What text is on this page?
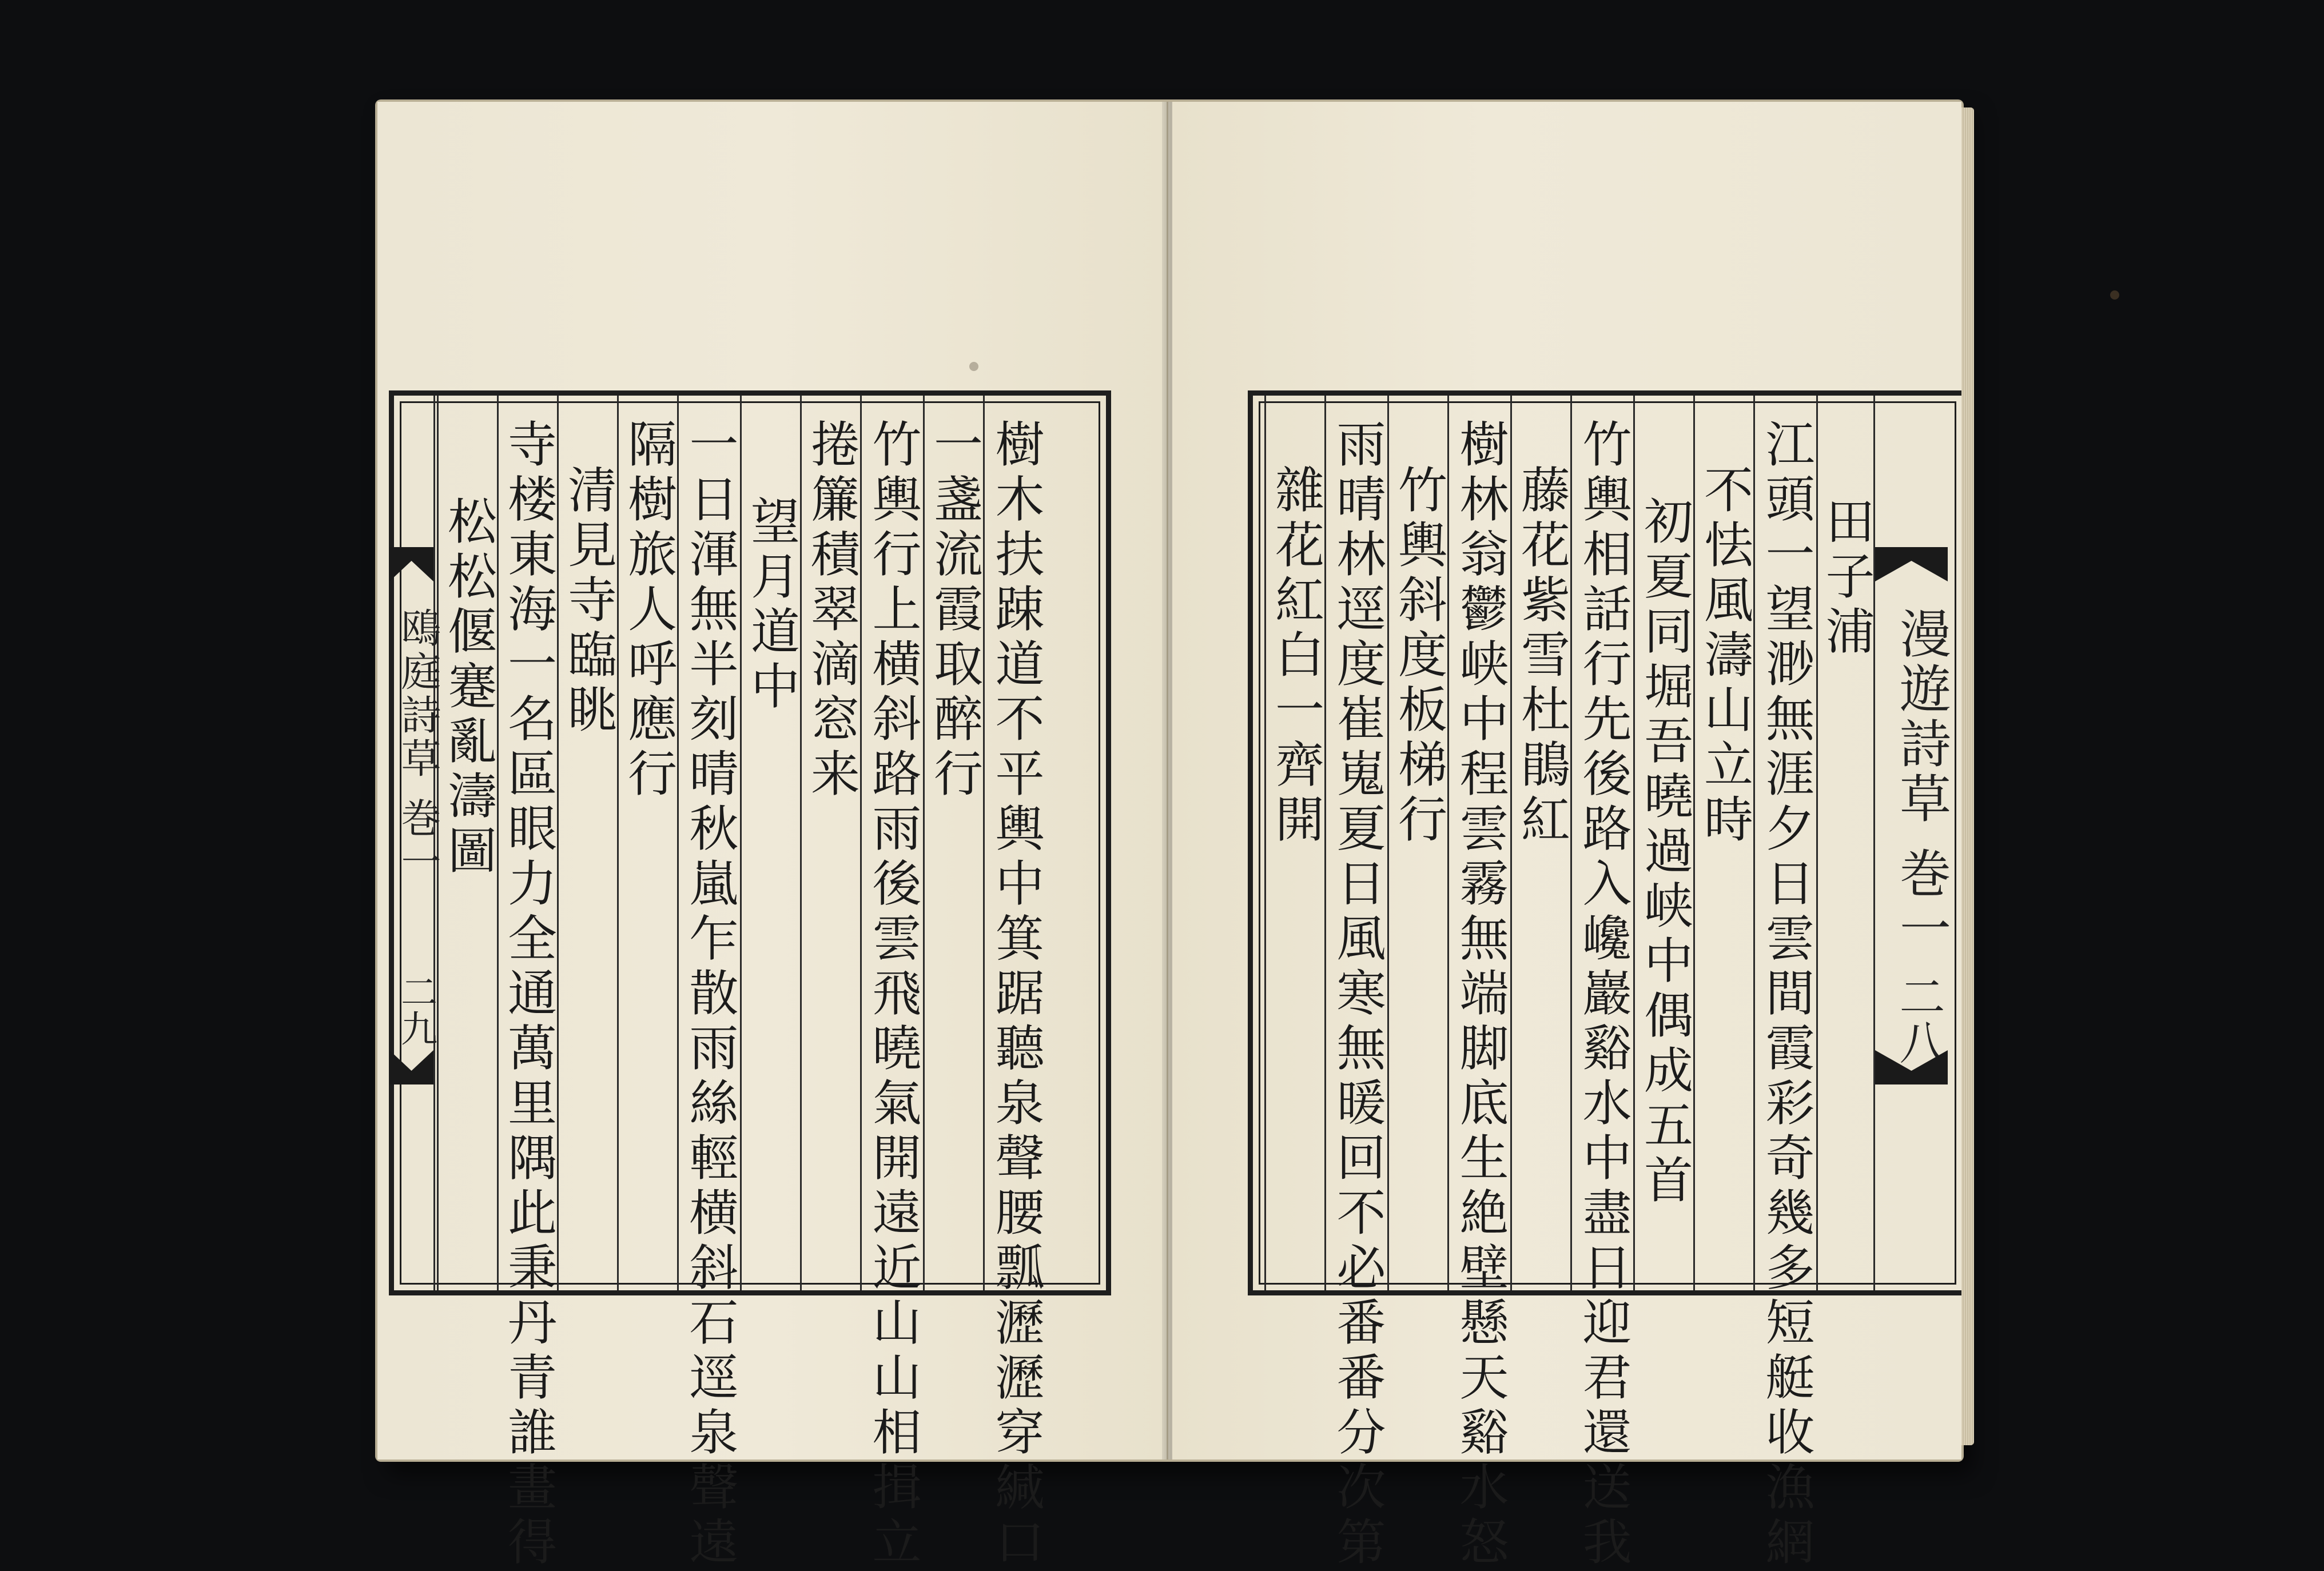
松松偃蹇亂濤圖 寺楼東海一名區眼力全通萬里隅此秉丹青誰畫得 清見寺臨眺 隔樹旅人呼應行 一日渾無半刻晴秋嵐乍散雨絲輕横斜石逕泉聲遠 望月道中 捲簾積翠滴窓来 竹輿行上横斜路雨後雲飛曉氣開遠近山山相揖立 一盞流霞取醉行 樹木扶踈道不平輿中箕踞聽泉聲腰瓢瀝瀝穿緘口
鴎庭詩草 巻一
二九
雜花紅白一齊開 雨晴林逕度崔嵬夏日風寒無暖回不必番番分次第 竹輿斜度板梯行 樹林翁鬱峡中程雲霧無端脚底生絶壁懸天谿水怒 藤花紫雪杜鵑紅 竹輿相話行先後路入巉巖谿水中盡日迎君還送我 初夏同堀吾曉過峡中偶成五首 不怯風濤山立時 江頭一望渺無涯夕日雲間霞彩奇幾多短艇收漁網 田子浦
漫遊詩草 巻一
二八
